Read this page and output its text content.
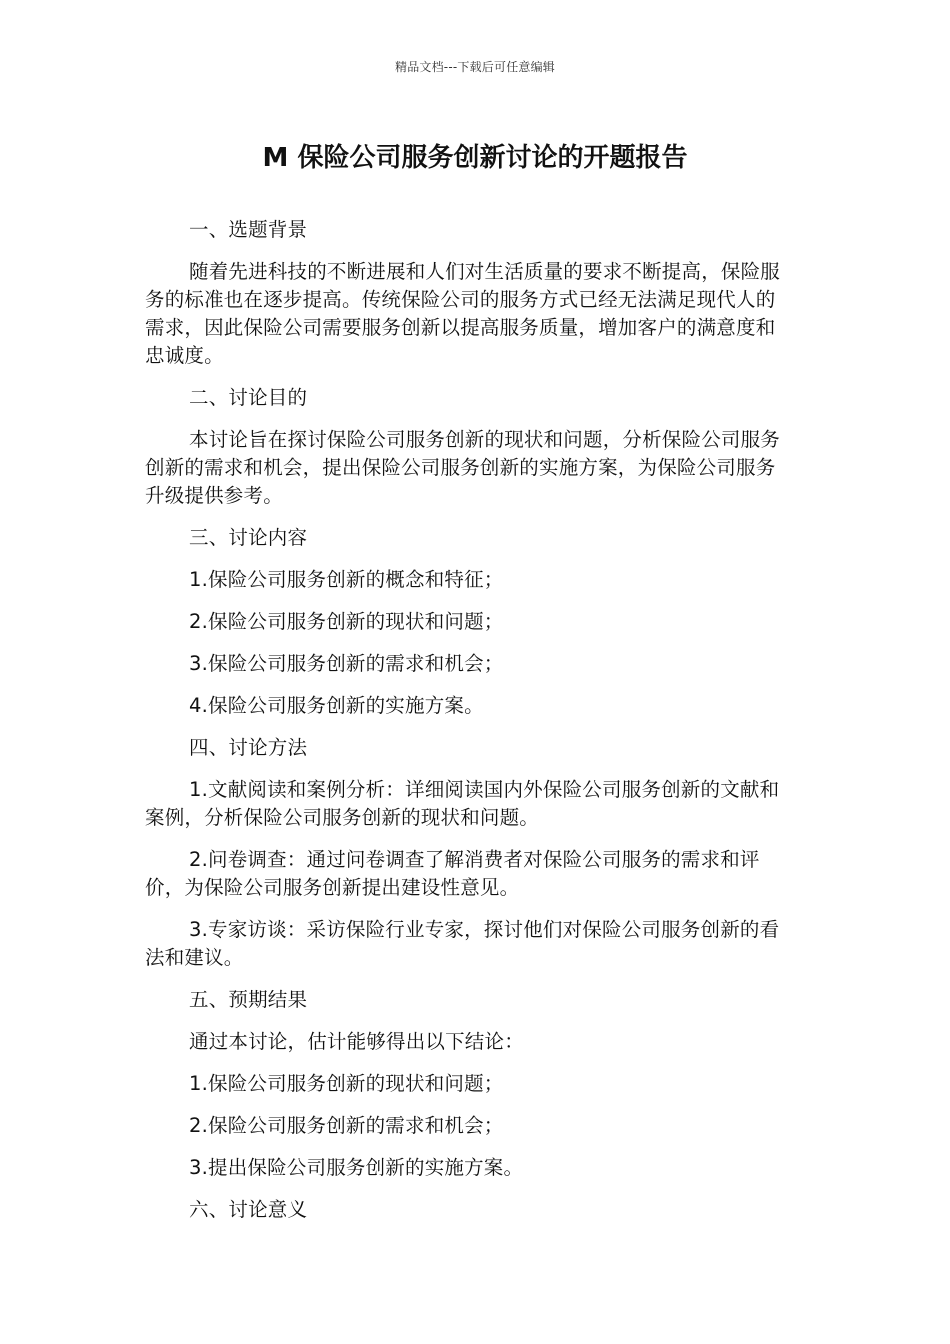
精品文档---下载后可任意编辑
M 保险公司服务创新讨论的开题报告

一、选题背景

随着先进科技的不断进展和人们对生活质量的要求不断提高，保险服务的标准也在逐步提高。传统保险公司的服务方式已经无法满足现代人的需求，因此保险公司需要服务创新以提高服务质量，增加客户的满意度和忠诚度。

二、讨论目的

本讨论旨在探讨保险公司服务创新的现状和问题，分析保险公司服务创新的需求和机会，提出保险公司服务创新的实施方案，为保险公司服务升级提供参考。

三、讨论内容

1.保险公司服务创新的概念和特征；

2.保险公司服务创新的现状和问题；

3.保险公司服务创新的需求和机会；

4.保险公司服务创新的实施方案。

四、讨论方法

1.文献阅读和案例分析：详细阅读国内外保险公司服务创新的文献和案例，分析保险公司服务创新的现状和问题。

2.问卷调查：通过问卷调查了解消费者对保险公司服务的需求和评价，为保险公司服务创新提出建设性意见。

3.专家访谈：采访保险行业专家，探讨他们对保险公司服务创新的看法和建议。

五、预期结果

通过本讨论，估计能够得出以下结论：

1.保险公司服务创新的现状和问题；

2.保险公司服务创新的需求和机会；

3.提出保险公司服务创新的实施方案。

六、讨论意义
